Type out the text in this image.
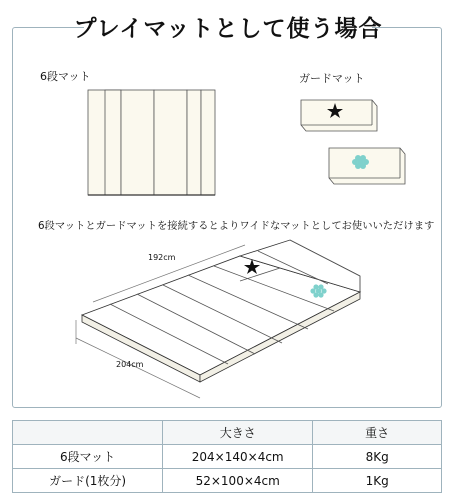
プレイマットとして使う場合
6段マット	ガードマット
6段マットとガードマットを接続するとよりワイドなマットとしてお使いいただけます
192cm
204cm
	大きさ	重さ
6段マット	204×140×4cm	8Kg
ガード(1枚分)	52×100×4cm	1Kg
